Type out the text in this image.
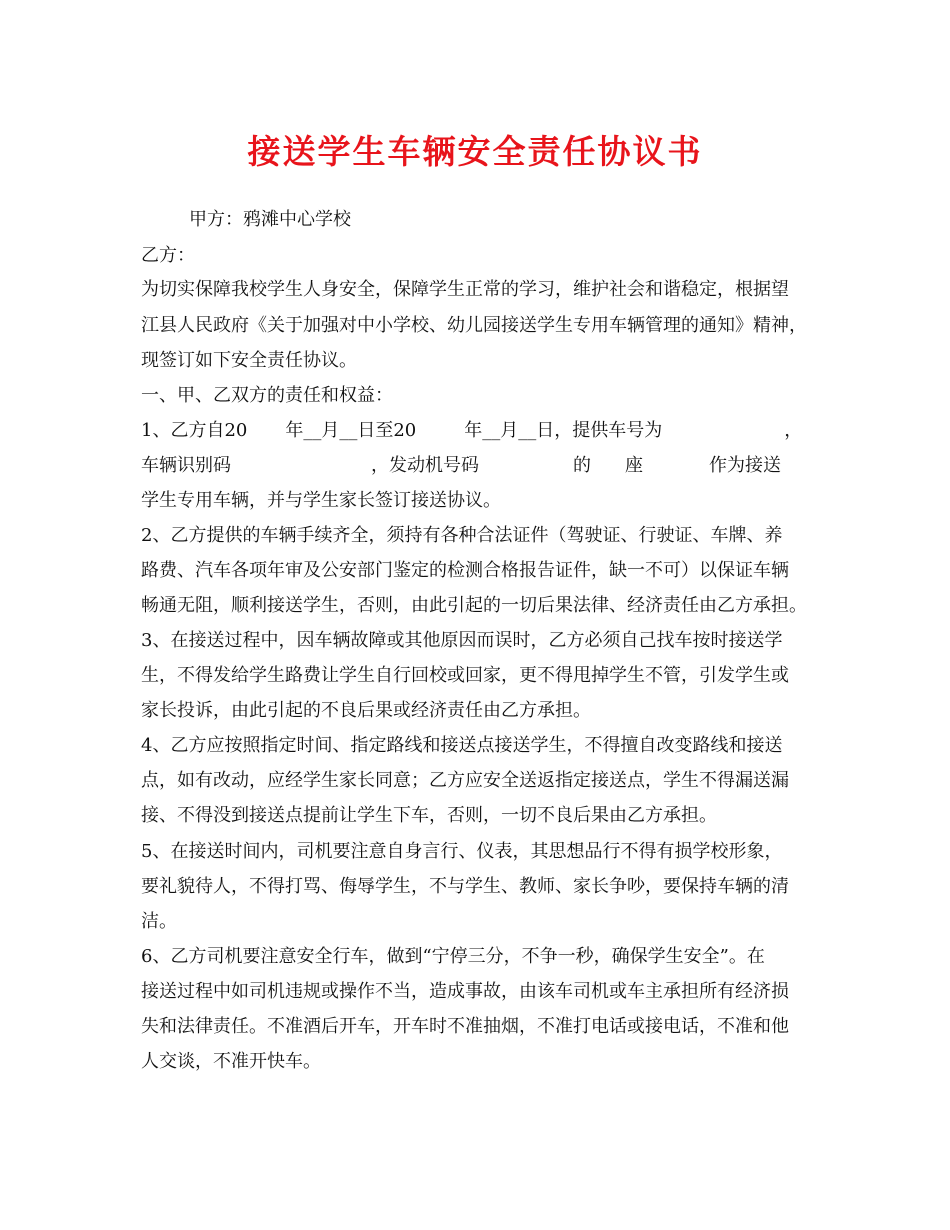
接送学生车辆安全责任协议书

甲方：鸦滩中心学校

乙方：

为切实保障我校学生人身安全，保障学生正常的学习，维护社会和谐稳定，根据望

江县人民政府《关于加强对中小学校、幼儿园接送学生专用车辆管理的通知》精神，

现签订如下安全责任协议。

一、甲、乙双方的责任和权益：

1、乙方自20 年__月__日至20	年__月__日，提供车号为	，

车辆识别码	，发动机号码	的 座	作为接送

学生专用车辆，并与学生家长签订接送协议。

2、乙方提供的车辆手续齐全，须持有各种合法证件（驾驶证、行驶证、车牌、养

路费、汽车各项年审及公安部门鉴定的检测合格报告证件，缺一不可）以保证车辆

畅通无阻，顺利接送学生，否则，由此引起的一切后果法律、经济责任由乙方承担。

3、在接送过程中，因车辆故障或其他原因而误时，乙方必须自己找车按时接送学

生，不得发给学生路费让学生自行回校或回家，更不得甩掉学生不管，引发学生或

家长投诉，由此引起的不良后果或经济责任由乙方承担。

4、乙方应按照指定时间、指定路线和接送点接送学生，不得擅自改变路线和接送

点，如有改动，应经学生家长同意；乙方应安全送返指定接送点，学生不得漏送漏

接、不得没到接送点提前让学生下车，否则，一切不良后果由乙方承担。

5、在接送时间内，司机要注意自身言行、仪表，其思想品行不得有损学校形象，

要礼貌待人，不得打骂、侮辱学生，不与学生、教师、家长争吵，要保持车辆的清

洁。

6、乙方司机要注意安全行车，做到“宁停三分，不争一秒，确保学生安全”。在

接送过程中如司机违规或操作不当，造成事故，由该车司机或车主承担所有经济损

失和法律责任。不准酒后开车，开车时不准抽烟，不准打电话或接电话，不准和他

人交谈，不准开快车。
